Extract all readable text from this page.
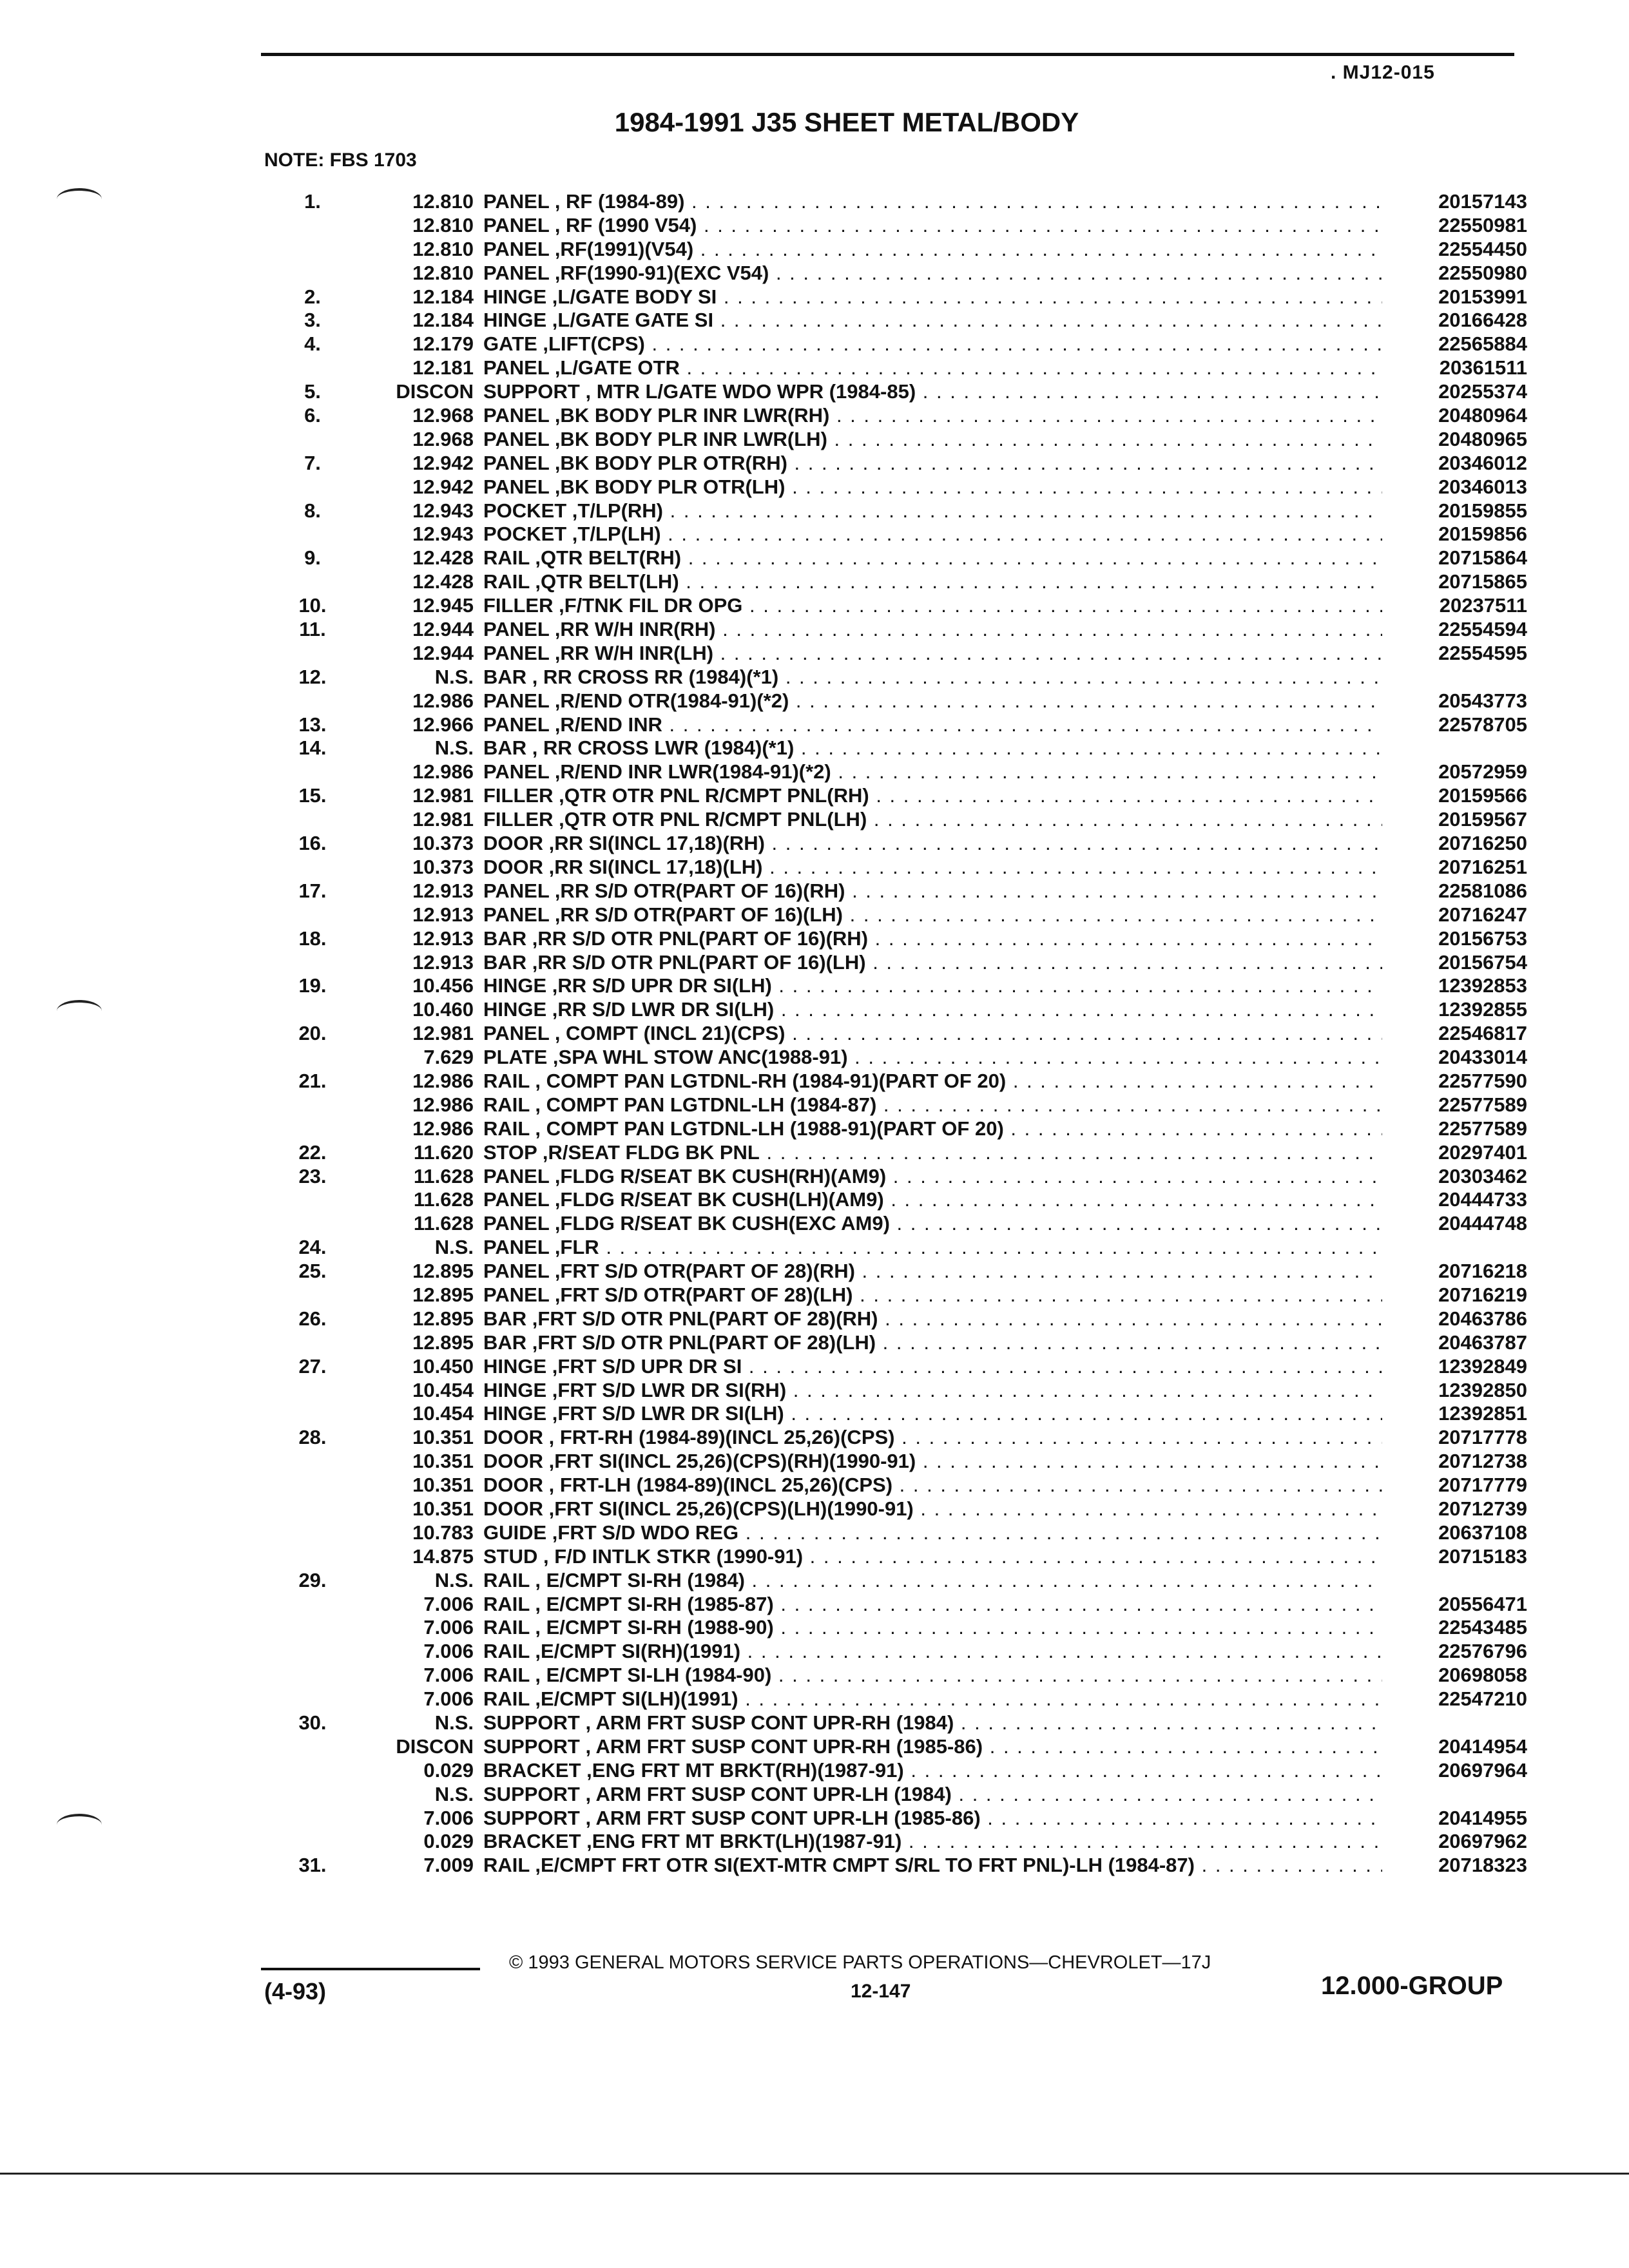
. MJ12-015
1984-1991 J35 SHEET METAL/BODY
NOTE: FBS 1703
1.	12.810 PANEL , RF (1984-89) . . .	20157143
12.810 PANEL , RF (1990 V54) . . .	22550981
12.810 PANEL ,RF(1991)(V54) . . .	22554450
12.810 PANEL ,RF(1990-91)(EXC V54) . . .	22550980
2.	12.184 HINGE ,L/GATE BODY SI . . .	20153991
3.	12.184 HINGE ,L/GATE GATE SI . . .	20166428
4.	12.179 GATE ,LIFT(CPS) . . .	22565884
12.181 PANEL ,L/GATE OTR . . .	20361511
5.	DISCON SUPPORT , MTR L/GATE WDO WPR (1984-85) . . .	20255374
6.	12.968 PANEL ,BK BODY PLR INR LWR(RH) . . .	20480964
12.968 PANEL ,BK BODY PLR INR LWR(LH) . . .	20480965
7.	12.942 PANEL ,BK BODY PLR OTR(RH) . . .	20346012
12.942 PANEL ,BK BODY PLR OTR(LH) . . .	20346013
8.	12.943 POCKET ,T/LP(RH) . . .	20159855
12.943 POCKET ,T/LP(LH) . . .	20159856
9.	12.428 RAIL ,QTR BELT(RH) . . .	20715864
12.428 RAIL ,QTR BELT(LH) . . .	20715865
10.	12.945 FILLER ,F/TNK FIL DR OPG . . .	20237511
11.	12.944 PANEL ,RR W/H INR(RH) . . .	22554594
12.944 PANEL ,RR W/H INR(LH) . . .	22554595
12.	N.S. BAR , RR CROSS RR (1984)(*1) . . .
12.986 PANEL ,R/END OTR(1984-91)(*2) . . .	20543773
13.	12.966 PANEL ,R/END INR . . .	22578705
14.	N.S. BAR , RR CROSS LWR (1984)(*1) . . .
12.986 PANEL ,R/END INR LWR(1984-91)(*2) . . .	20572959
15.	12.981 FILLER ,QTR OTR PNL R/CMPT PNL(RH) . . .	20159566
12.981 FILLER ,QTR OTR PNL R/CMPT PNL(LH) . . .	20159567
16.	10.373 DOOR ,RR SI(INCL 17,18)(RH) . . .	20716250
10.373 DOOR ,RR SI(INCL 17,18)(LH) . . .	20716251
17.	12.913 PANEL ,RR S/D OTR(PART OF 16)(RH) . . .	22581086
12.913 PANEL ,RR S/D OTR(PART OF 16)(LH) . . .	20716247
18.	12.913 BAR ,RR S/D OTR PNL(PART OF 16)(RH) . . .	20156753
12.913 BAR ,RR S/D OTR PNL(PART OF 16)(LH) . . .	20156754
19.	10.456 HINGE ,RR S/D UPR DR SI(LH) . . .	12392853
10.460 HINGE ,RR S/D LWR DR SI(LH) . . .	12392855
20.	12.981 PANEL , COMPT (INCL 21)(CPS) . . .	22546817
7.629 PLATE ,SPA WHL STOW ANC(1988-91) . . .	20433014
21.	12.986 RAIL , COMPT PAN LGTDNL-RH (1984-91)(PART OF 20) . . .	22577590
12.986 RAIL , COMPT PAN LGTDNL-LH (1984-87) . . .	22577589
12.986 RAIL , COMPT PAN LGTDNL-LH (1988-91)(PART OF 20) . . .	22577589
22.	11.620 STOP ,R/SEAT FLDG BK PNL . . .	20297401
23.	11.628 PANEL ,FLDG R/SEAT BK CUSH(RH)(AM9) . . .	20303462
11.628 PANEL ,FLDG R/SEAT BK CUSH(LH)(AM9) . . .	20444733
11.628 PANEL ,FLDG R/SEAT BK CUSH(EXC AM9) . . .	20444748
24.	N.S. PANEL ,FLR . . .
25.	12.895 PANEL ,FRT S/D OTR(PART OF 28)(RH) . . .	20716218
12.895 PANEL ,FRT S/D OTR(PART OF 28)(LH) . . .	20716219
26.	12.895 BAR ,FRT S/D OTR PNL(PART OF 28)(RH) . . .	20463786
12.895 BAR ,FRT S/D OTR PNL(PART OF 28)(LH) . . .	20463787
27.	10.450 HINGE ,FRT S/D UPR DR SI . . .	12392849
10.454 HINGE ,FRT S/D LWR DR SI(RH) . . .	12392850
10.454 HINGE ,FRT S/D LWR DR SI(LH) . . .	12392851
28.	10.351 DOOR , FRT-RH (1984-89)(INCL 25,26)(CPS) . . .	20717778
10.351 DOOR ,FRT SI(INCL 25,26)(CPS)(RH)(1990-91) . . .	20712738
10.351 DOOR , FRT-LH (1984-89)(INCL 25,26)(CPS) . . .	20717779
10.351 DOOR ,FRT SI(INCL 25,26)(CPS)(LH)(1990-91) . . .	20712739
10.783 GUIDE ,FRT S/D WDO REG . . .	20637108
14.875 STUD , F/D INTLK STKR (1990-91) . . .	20715183
29.	N.S. RAIL , E/CMPT SI-RH (1984) . . .
7.006 RAIL , E/CMPT SI-RH (1985-87) . . .	20556471
7.006 RAIL , E/CMPT SI-RH (1988-90) . . .	22543485
7.006 RAIL ,E/CMPT SI(RH)(1991) . . .	22576796
7.006 RAIL , E/CMPT SI-LH (1984-90) . . .	20698058
7.006 RAIL ,E/CMPT SI(LH)(1991) . . .	22547210
30.	N.S. SUPPORT , ARM FRT SUSP CONT UPR-RH (1984) . . .
DISCON SUPPORT , ARM FRT SUSP CONT UPR-RH (1985-86) . . .	20414954
0.029 BRACKET ,ENG FRT MT BRKT(RH)(1987-91) . . .	20697964
N.S. SUPPORT , ARM FRT SUSP CONT UPR-LH (1984) . . .
7.006 SUPPORT , ARM FRT SUSP CONT UPR-LH (1985-86) . . .	20414955
0.029 BRACKET ,ENG FRT MT BRKT(LH)(1987-91) . . .	20697962
31.	7.009 RAIL ,E/CMPT FRT OTR SI(EXT-MTR CMPT S/RL TO FRT PNL)-LH (1984-87) . . .	20718323
© 1993 GENERAL MOTORS SERVICE PARTS OPERATIONS—CHEVROLET—17J
(4-93)	12-147	12.000-GROUP
